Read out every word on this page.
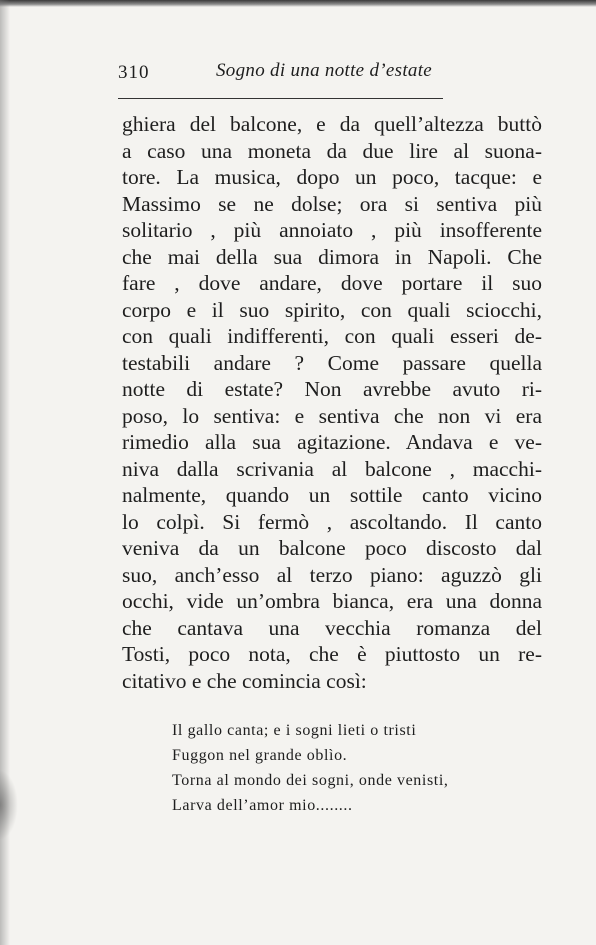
310	Sogno di una notte d’estate
ghiera del balcone, e da quell’altezza buttò
a caso una moneta da due lire al suona-
tore. La musica, dopo un poco, tacque: e
Massimo se ne dolse; ora si sentiva più
solitario , più annoiato , più insofferente
che mai della sua dimora in Napoli. Che
fare , dove andare, dove portare il suo
corpo e il suo spirito, con quali sciocchi,
con quali indifferenti, con quali esseri de-
testabili andare ? Come passare quella
notte di estate? Non avrebbe avuto ri-
poso, lo sentiva: e sentiva che non vi era
rimedio alla sua agitazione. Andava e ve-
niva dalla scrivania al balcone , macchi-
nalmente, quando un sottile canto vicino
lo colpì. Si fermò , ascoltando. Il canto
veniva da un balcone poco discosto dal
suo, anch’esso al terzo piano: aguzzò gli
occhi, vide un’ombra bianca, era una donna
che cantava una vecchia romanza del
Tosti, poco nota, che è piuttosto un re-
citativo e che comincia così:
Il gallo canta; e i sogni lieti o tristi
Fuggon nel grande oblìo.
Torna al mondo dei sogni, onde venisti,
Larva dell’amor mio........
